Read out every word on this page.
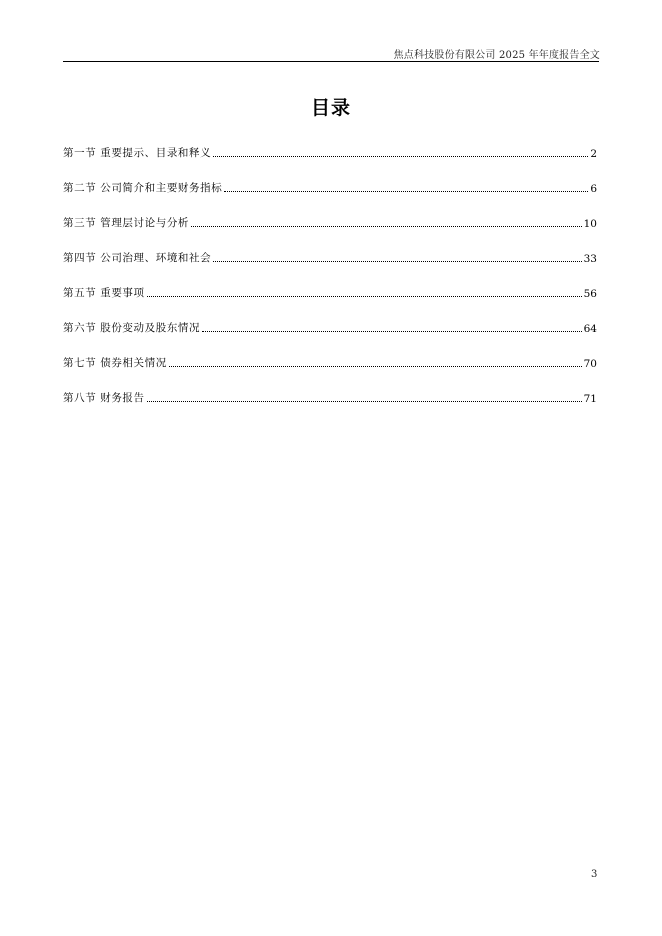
焦点科技股份有限公司 2025 年年度报告全文
目录
第一节 重要提示、目录和释义	2
第二节 公司简介和主要财务指标	6
第三节 管理层讨论与分析	10
第四节 公司治理、环境和社会	33
第五节 重要事项	56
第六节 股份变动及股东情况	64
第七节 债券相关情况	70
第八节 财务报告	71
3
